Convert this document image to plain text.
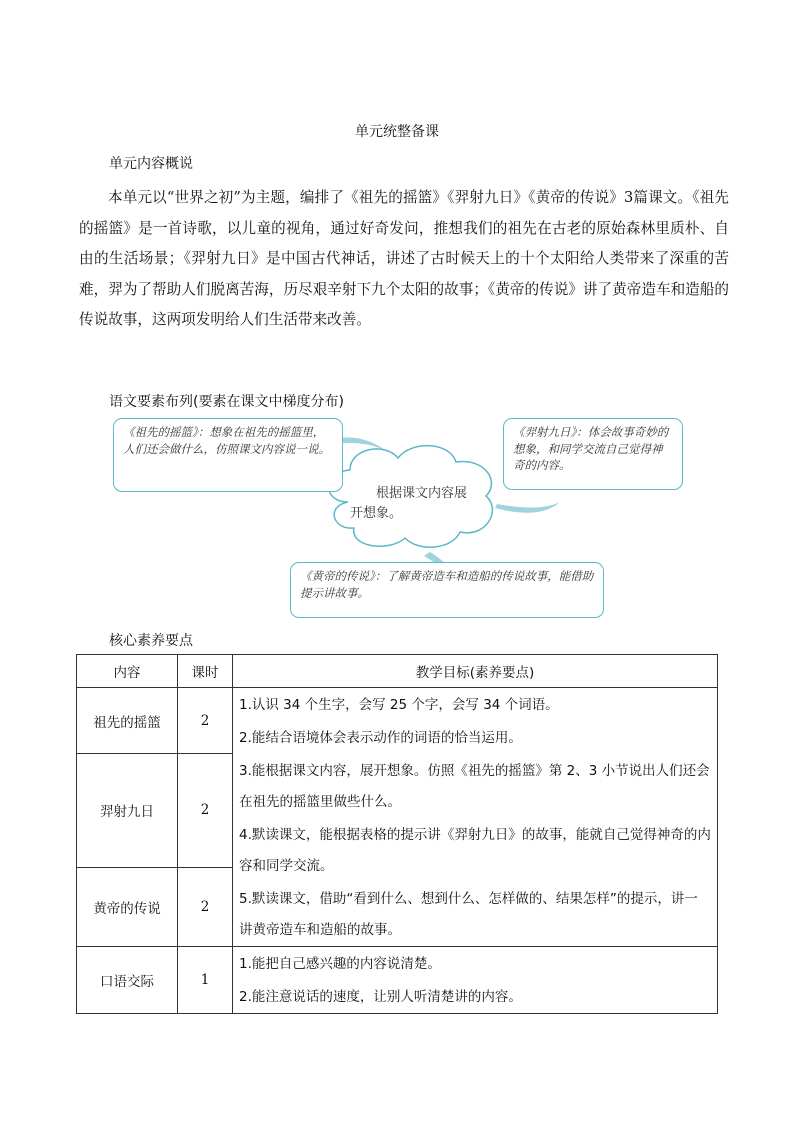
单元统整备课
单元内容概说
本单元以“世界之初”为主题，编排了《祖先的摇篮》《羿射九日》《黄帝的传说》3篇课文。《祖先的摇篮》是一首诗歌，以儿童的视角，通过好奇发问，推想我们的祖先在古老的原始森林里质朴、自由的生活场景；《羿射九日》是中国古代神话，讲述了古时候天上的十个太阳给人类带来了深重的苦难，羿为了帮助人们脱离苦海，历尽艰辛射下九个太阳的故事；《黄帝的传说》讲了黄帝造车和造船的传说故事，这两项发明给人们生活带来改善。
语文要素布列(要素在课文中梯度分布)
《祖先的摇篮》：想象在祖先的摇篮里，人们还会做什么，仿照课文内容说一说。
《羿射九日》：体会故事奇妙的想象，和同学交流自己觉得神奇的内容。
《黄帝的传说》：了解黄帝造车和造船的传说故事，能借助提示讲故事。
根据课文内容展开想象。
核心素养要点
内容	课时	教学目标(素养要点)
祖先的摇篮	2	1.认识 34 个生字，会写 25 个字，会写 34 个词语。
2.能结合语境体会表示动作的词语的恰当运用。
3.能根据课文内容，展开想象。仿照《祖先的摇篮》第 2、3 小节说出人们还会在祖先的摇篮里做些什么。
4.默读课文，能根据表格的提示讲《羿射九日》的故事，能就自己觉得神奇的内容和同学交流。
5.默读课文，借助“看到什么、想到什么、怎样做的、结果怎样”的提示，讲一讲黄帝造车和造船的故事。

羿射九日	2	
黄帝的传说	2	
口语交际	1	1.能把自己感兴趣的内容说清楚。
2.能注意说话的速度，让别人听清楚讲的内容。
